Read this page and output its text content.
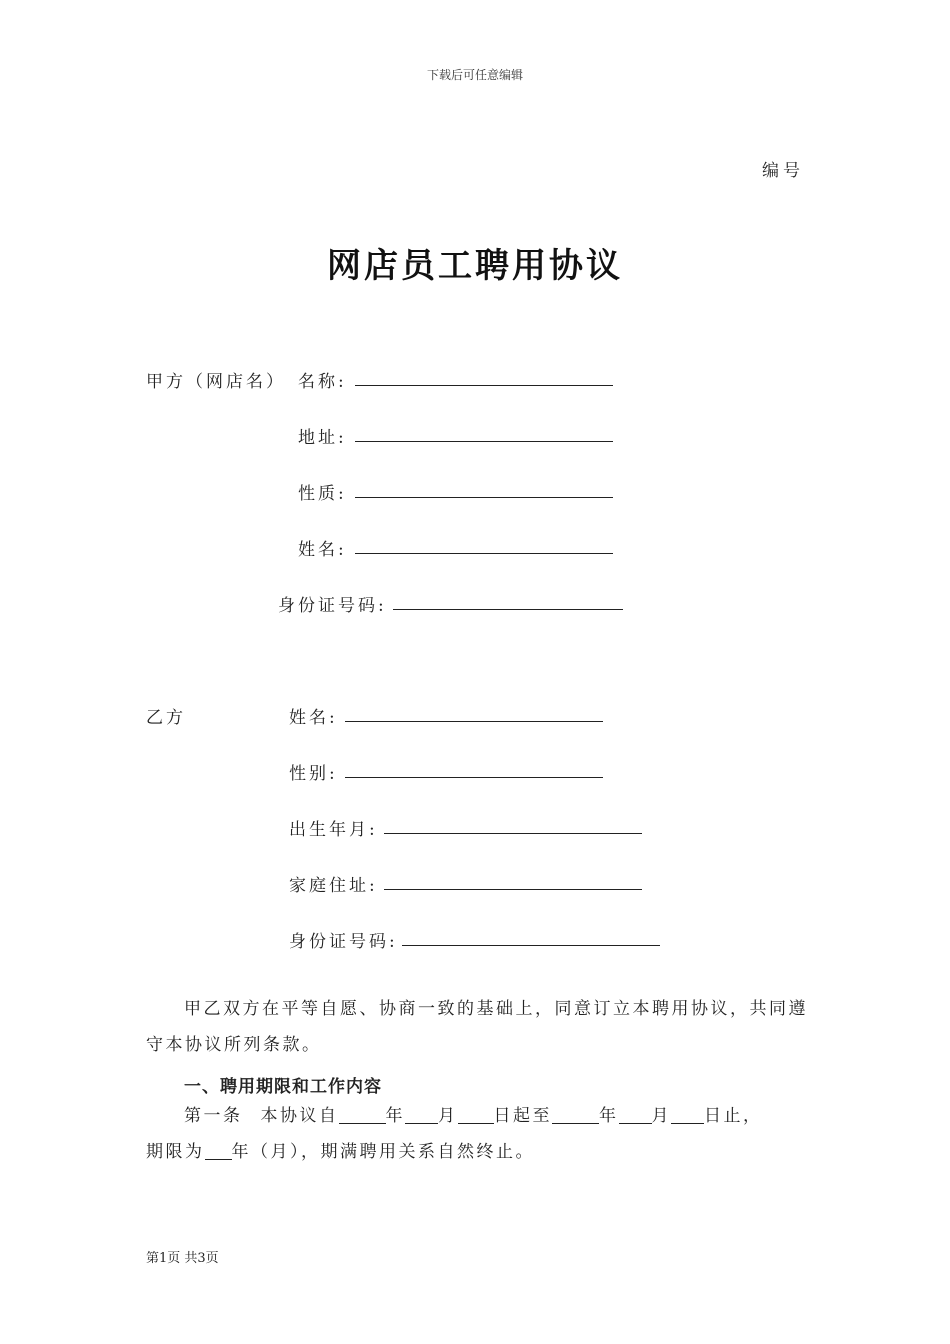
下载后可任意编辑
编号
网店员工聘用协议
甲方（网店名） 名称:
地址:
性质:
姓名:
身份证号码:
乙方	姓名:
性别:
出生年月:
家庭住址:
身份证号码:
甲乙双方在平等自愿、协商一致的基础上，同意订立本聘用协议，共同遵
守本协议所列条款。
一、聘用期限和工作内容
第一条 本协议自	年 月 日起至	年 月 日止，
期限为 年（月），期满聘用关系自然终止。
第1页 共3页
